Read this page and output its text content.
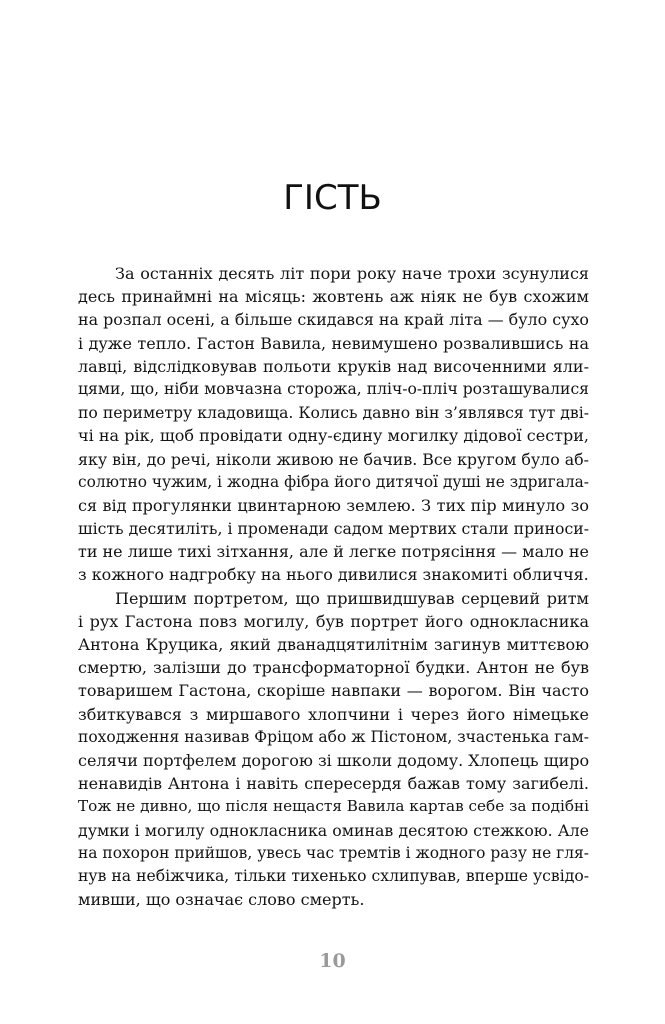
ГІСТЬ
За останніх десять літ пори року наче трохи зсунулися
десь принаймні на місяць: жовтень аж ніяк не був схожим
на розпал осені, а більше скидався на край літа — було сухо
і дуже тепло. Гастон Вавила, невимушено розвалившись на
лавці, відслідковував польоти круків над височенними яли-
цями, що, ніби мовчазна сторожа, пліч-о-пліч розташувалися
по периметру кладовища. Колись давно він з’являвся тут дві-
чі на рік, щоб провідати одну-єдину могилку дідової сестри,
яку він, до речі, ніколи живою не бачив. Все кругом було аб-
солютно чужим, і жодна фібра його дитячої душі не здригала-
ся від прогулянки цвинтарною землею. З тих пір минуло зо
шість десятиліть, і променади садом мертвих стали приноси-
ти не лише тихі зітхання, але й легке потрясіння — мало не
з кожного надгробку на нього дивилися знакомиті обличчя.
Першим портретом, що пришвидшував серцевий ритм
і рух Гастона повз могилу, був портрет його однокласника
Антона Круцика, який дванадцятилітнім загинув миттєвою
смертю, залізши до трансформаторної будки. Антон не був
товаришем Гастона, скоріше навпаки — ворогом. Він часто
збиткувався з миршавого хлопчини і через його німецьке
походження називав Фріцом або ж Пістоном, зчастенька гам-
селячи портфелем дорогою зі школи додому. Хлопець щиро
ненавидів Антона і навіть спересердя бажав тому загибелі.
Тож не дивно, що після нещастя Вавила картав себе за подібні
думки і могилу однокласника оминав десятою стежкою. Але
на похорон прийшов, увесь час тремтів і жодного разу не гля-
нув на небіжчика, тільки тихенько схлипував, вперше усвідо-
мивши, що означає слово смерть.
10
